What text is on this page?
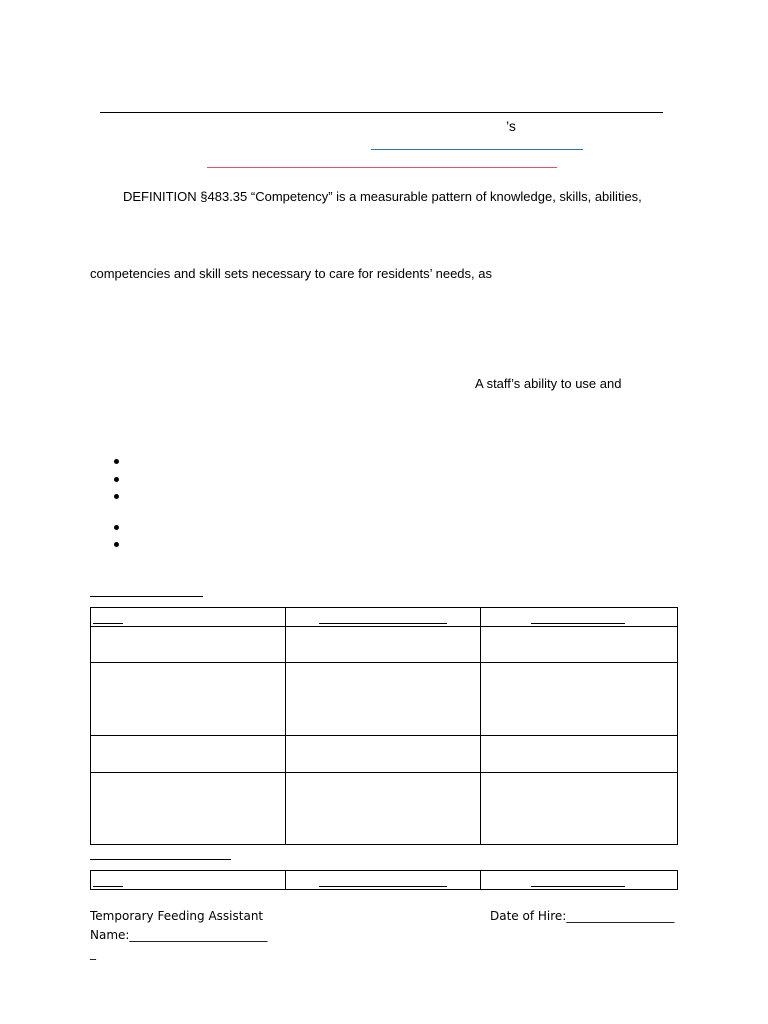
’s
DEFINITION §483.35 “Competency” is a measurable pattern of knowledge, skills, abilities,
competencies and skill sets necessary to care for residents’ needs, as
A staff’s ability to use and

Temporary Feeding Assistant
Name:_______________________
Date of Hire:__________________
_
